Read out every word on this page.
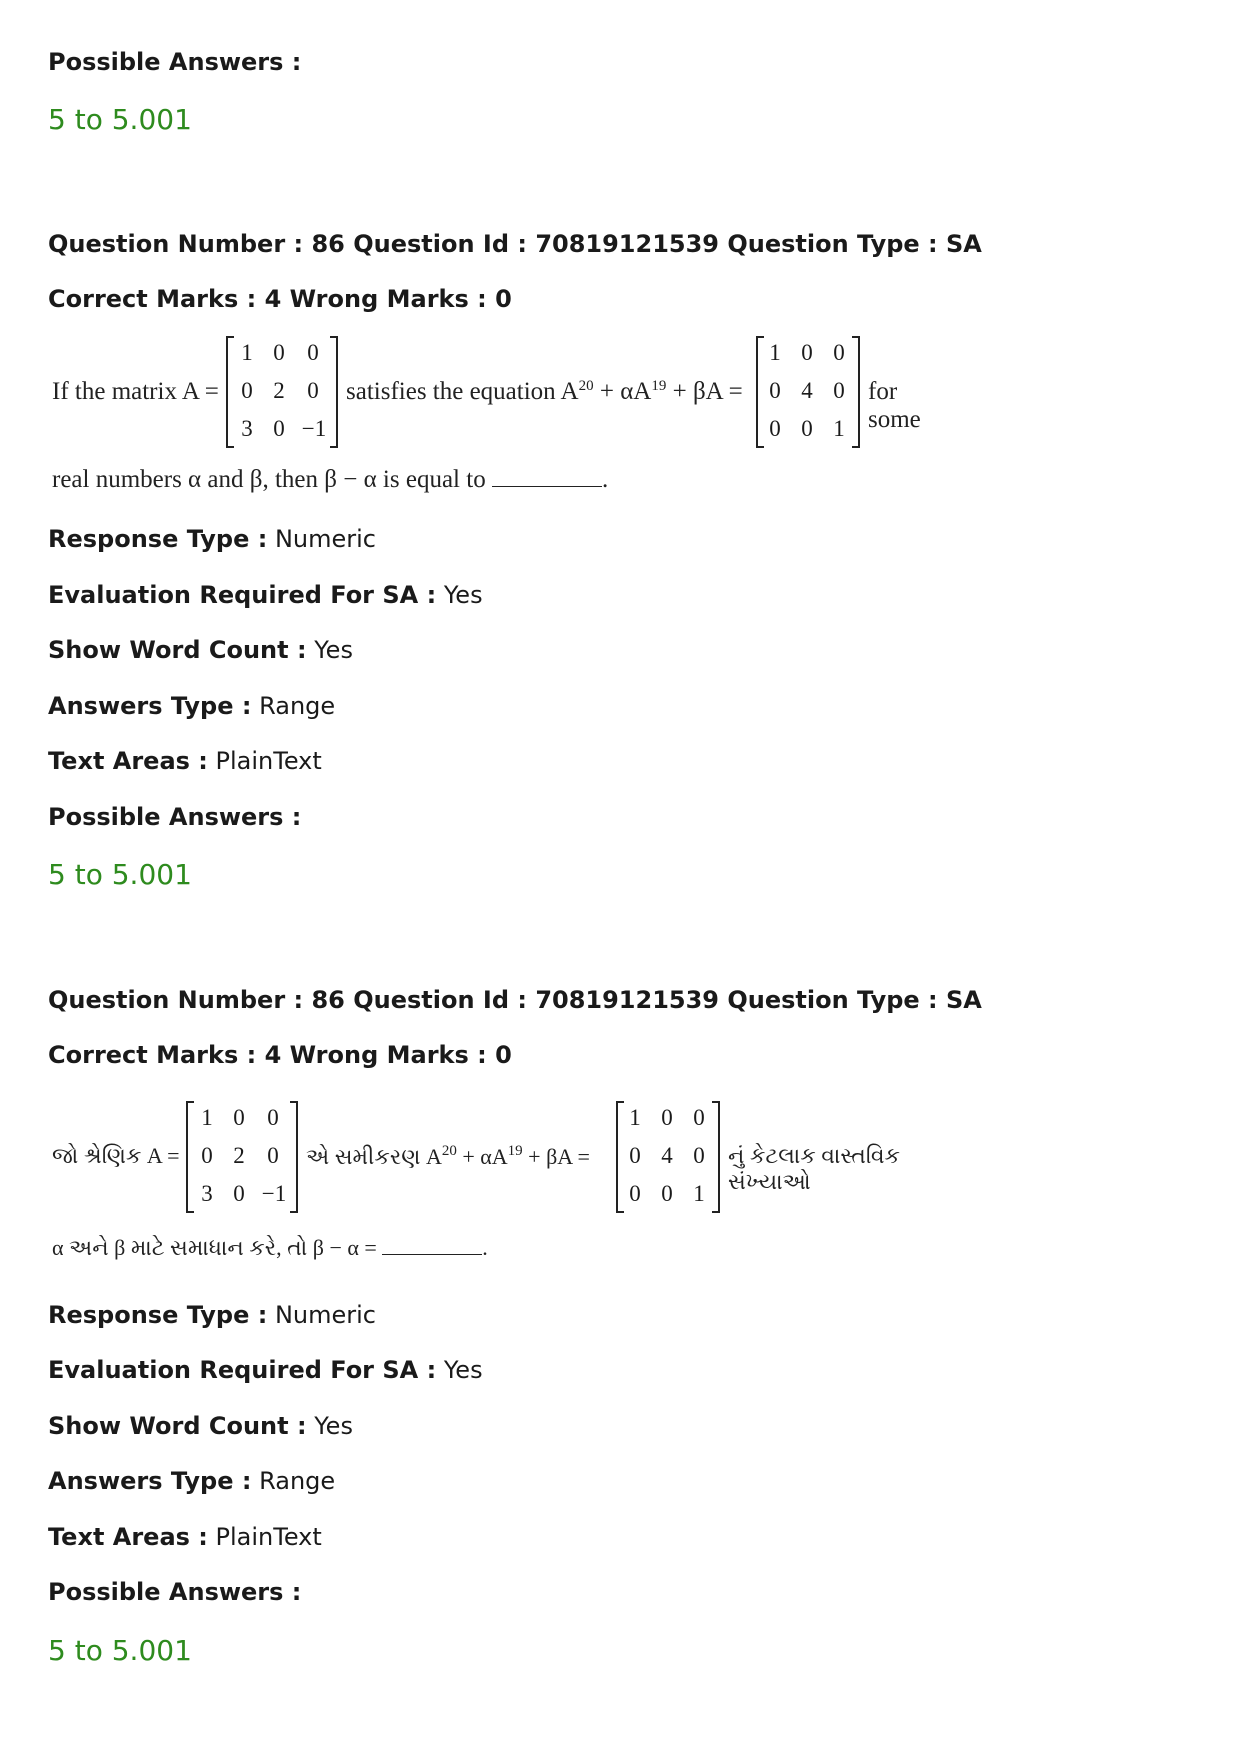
Possible Answers :
5 to 5.001
Question Number : 86 Question Id : 70819121539 Question Type : SA
Correct Marks : 4 Wrong Marks : 0
If the matrix A =
1 0 0
0 2 0
3 0 −1
satisfies the equation $A^{20} + \alpha A^{19} + \beta A$ =
1 0 0
0 4 0
0 0 1
for some
real numbers α and β, then β − α is equal to	.
Response Type : Numeric
Evaluation Required For SA : Yes
Show Word Count : Yes
Answers Type : Range
Text Areas : PlainText
Possible Answers :
5 to 5.001
Question Number : 86 Question Id : 70819121539 Question Type : SA
Correct Marks : 4 Wrong Marks : 0
જો શ્રેણિક A =
1 0 0
0 2 0
3 0 −1
એ સમીકરણ $A^{20} + \alpha A^{19} + \beta A$ =
1 0 0
0 4 0
0 0 1
નું કેટલાક વાસ્તવિક સંખ્યાઓ
α અને β માટે સમાધાન કરે, તો β − α =	.
Response Type : Numeric
Evaluation Required For SA : Yes
Show Word Count : Yes
Answers Type : Range
Text Areas : PlainText
Possible Answers :
5 to 5.001
